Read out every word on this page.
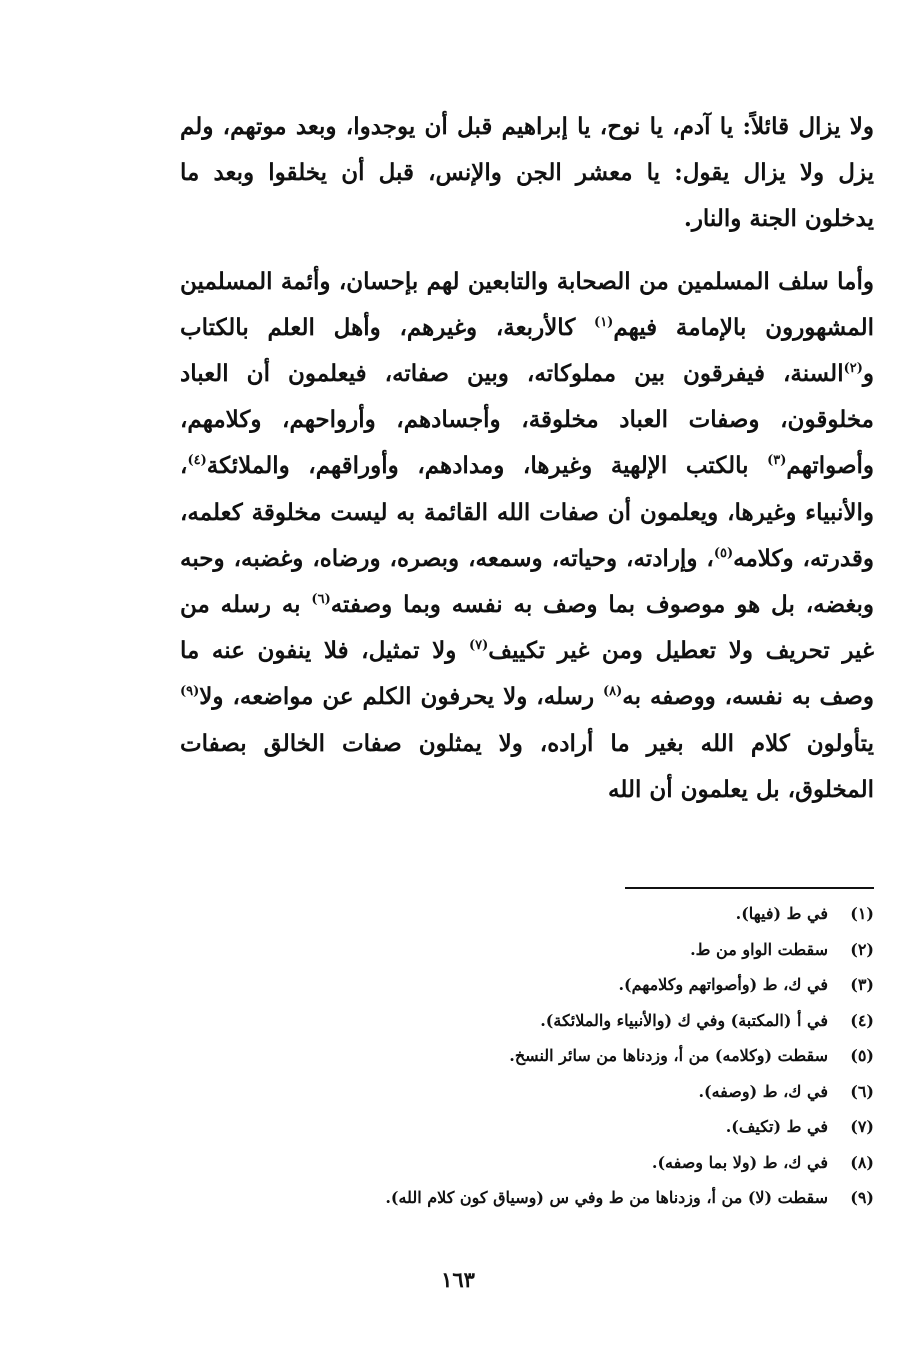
ولا يزال قائلاً: يا آدم، يا نوح، يا إبراهيم قبل أن يوجدوا، وبعد موتهم، ولم يزل ولا يزال يقول: يا معشر الجن والإنس، قبل أن يخلقوا وبعد ما يدخلون الجنة والنار.

وأما سلف المسلمين من الصحابة والتابعين لهم بإحسان، وأئمة المسلمين المشهورون بالإمامة فيهم$^{(١)}$ كالأربعة، وغيرهم، وأهل العلم بالكتاب و$^{(٢)}$السنة، فيفرقون بين مملوكاته، وبين صفاته، فيعلمون أن العباد مخلوقون، وصفات العباد مخلوقة، وأجسادهم، وأرواحهم، وكلامهم، وأصواتهم$^{(٣)}$ بالكتب الإلهية وغيرها، ومدادهم، وأوراقهم، والملائكة$^{(٤)}$، والأنبياء وغيرها، ويعلمون أن صفات الله القائمة به ليست مخلوقة كعلمه، وقدرته، وكلامه$^{(٥)}$، وإرادته، وحياته، وسمعه، وبصره، ورضاه، وغضبه، وحبه وبغضه، بل هو موصوف بما وصف به نفسه وبما وصفته$^{(٦)}$ به رسله من غير تحريف ولا تعطيل ومن غير تكييف$^{(٧)}$ ولا تمثيل، فلا ينفون عنه ما وصف به نفسه، ووصفه به$^{(٨)}$ رسله، ولا يحرفون الكلم عن مواضعه، ولا$^{(٩)}$ يتأولون كلام الله بغير ما أراده، ولا يمثلون صفات الخالق بصفات المخلوق، بل يعلمون أن الله

(١)
في ط (فيها).
(٢)
سقطت الواو من ط.
(٣)
في ك، ط (وأصواتهم وكلامهم).
(٤)
في أ (المكتبة) وفي ك (والأنبياء والملائكة).
(٥)
سقطت (وكلامه) من أ، وزدناها من سائر النسخ.
(٦)
في ك، ط (وصفه).
(٧)
في ط (تكيف).
(٨)
في ك، ط (ولا بما وصفه).
(٩)
سقطت (لا) من أ، وزدناها من ط وفي س (وسياق كون كلام الله).
١٦٣
